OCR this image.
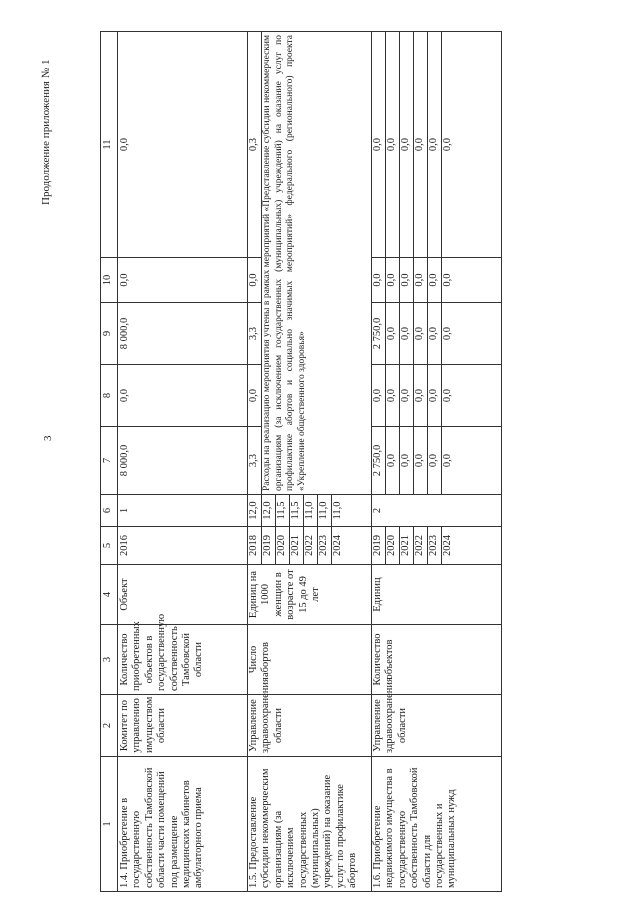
3
Продолжение приложения № 1
1	2	3	4	5	6	7	8	9	10	11
1.4. Приобретение в государственную собственность Тамбовской области части помещений под размещение медицинских кабинетов амбулаторного приема	Комитет по управлению имуществом области	Количество приобретенных объектов в государственную собственность Тамбовской области	Объект	2016	1	8 000,0	0,0	8 000,0	0,0	0,0
1.5. Предоставление субсидии некоммерческим организациям (за исключением государственных (муниципальных) учреждений) на оказание услуг по профилактике абортов	Управление здравоохранения области	Число абортов	Единиц на 1000 женщин в возрасте от 15 до 49 лет	2018	12,0	3,3	0,0	3,3	0,0	0,3
				2019	12,0	Расходы на реализацию мероприятия учтены в рамках мероприятий «Представление субсидии некоммерческим организациям (за исключением государственных (муниципальных) учреждений) на оказание услуг по профилактике абортов и социально значимых мероприятий» федерального (регионального) проекта «Укрепление общественного здоровья»				
				2020	11,5					
				2021	11,5					
				2022	11,0					
				2023	11,0					
				2024	11,0					
1.6. Приобретение недвижимого имущества в государственную собственность Тамбовской области для государственных и муниципальных нужд	Управление здравоохранения области	Количество объектов	Единиц	2019	2	2 750,0	0,0	2 750,0	0,0	0,0
				2020		0,0	0,0	0,0	0,0	0,0
				2021		0,0	0,0	0,0	0,0	0,0
				2022		0,0	0,0	0,0	0,0	0,0
				2023		0,0	0,0	0,0	0,0	0,0
				2024		0,0	0,0	0,0	0,0	0,0
